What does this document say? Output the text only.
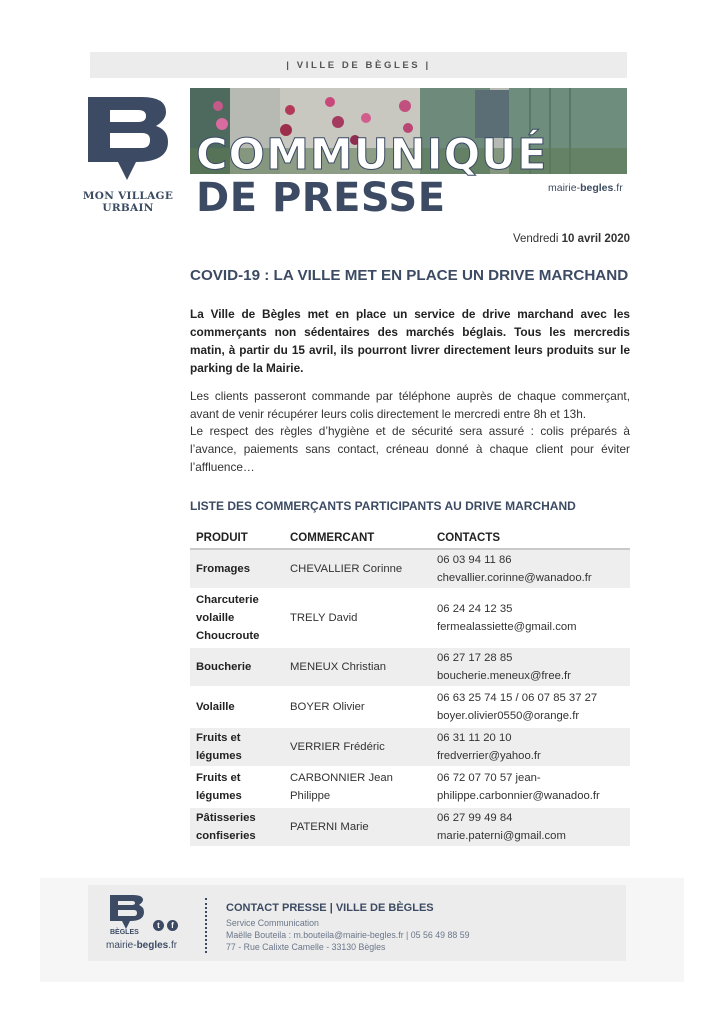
| VILLE DE BÈGLES |
MON VILLAGE
URBAIN
COMMUNIQUÉ
DE PRESSE	mairie-begles.fr
Vendredi 10 avril 2020
COVID-19 : LA VILLE MET EN PLACE UN DRIVE MARCHAND
La Ville de Bègles met en place un service de drive marchand avec les commerçants non sédentaires des marchés béglais. Tous les mercredis matin, à partir du 15 avril, ils pourront livrer directement leurs produits sur le parking de la Mairie.
Les clients passeront commande par téléphone auprès de chaque commerçant, avant de venir récupérer leurs colis directement le mercredi entre 8h et 13h.
Le respect des règles d’hygiène et de sécurité sera assuré : colis préparés à l’avance, paiements sans contact, créneau donné à chaque client pour éviter l’affluence…
LISTE DES COMMERÇANTS PARTICIPANTS AU DRIVE MARCHAND
PRODUIT	COMMERCANT	CONTACTS
Fromages	CHEVALLIER Corinne	06 03 94 11 86
chevallier.corinne@wanadoo.fr

Charcuterie volaille Choucroute	TRELY David	06 24 24 12 35
fermealassiette@gmail.com

Boucherie	MENEUX Christian	06 27 17 28 85
boucherie.meneux@free.fr

Volaille	BOYER Olivier	06 63 25 74 15 / 06 07 85 37 27
boyer.olivier0550@orange.fr

Fruits et légumes	VERRIER Frédéric	06 31 11 20 10
fredverrier@yahoo.fr

Fruits et légumes	CARBONNIER Jean Philippe	06 72 07 70 57 jean-
philippe.carbonnier@wanadoo.fr

Pâtisseries confiseries	PATERNI Marie	06 27 99 49 84
marie.paterni@gmail.com
BÈGLES
t	f
mairie-begles.fr
CONTACT PRESSE | VILLE DE BÈGLES
Service Communication
Maëlle Bouteila : m.bouteila@mairie-begles.fr | 05 56 49 88 59
77 - Rue Calixte Camelle - 33130 Bègles
